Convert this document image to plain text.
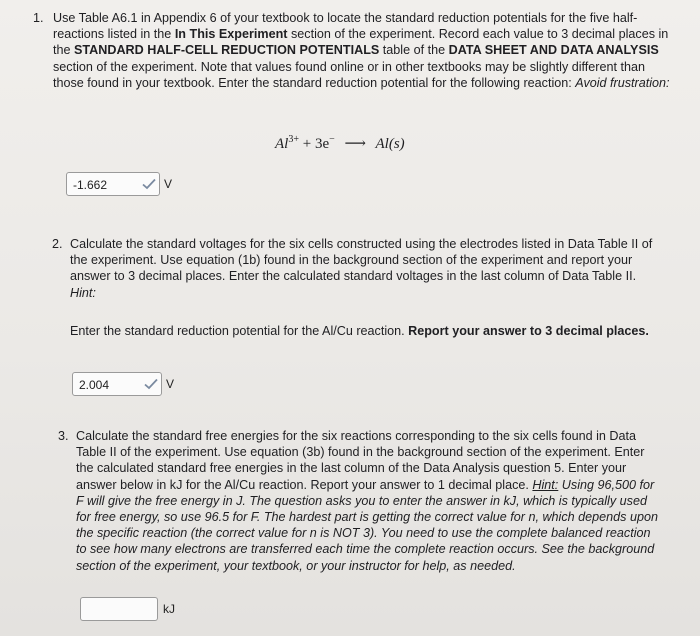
1. Use Table A6.1 in Appendix 6 of your textbook to locate the standard reduction potentials for the five half-reactions listed in the In This Experiment section of the experiment. Record each value to 3 decimal places in the STANDARD HALF-CELL REDUCTION POTENTIALS table of the DATA SHEET AND DATA ANALYSIS section of the experiment. Note that values found online or in other textbooks may be slightly different than those found in your textbook. Enter the standard reduction potential for the following reaction: Avoid frustration:
$Al^{3+} + 3e^-$ ⟶ Al(s)
-1.662	V
2. Calculate the standard voltages for the six cells constructed using the electrodes listed in Data Table II of the experiment. Use equation (1b) found in the background section of the experiment and report your answer to 3 decimal places. Enter the calculated standard voltages in the last column of Data Table II. Hint:
Enter the standard reduction potential for the Al/Cu reaction. Report your answer to 3 decimal places.
2.004	V
3. Calculate the standard free energies for the six reactions corresponding to the six cells found in Data Table II of the experiment. Use equation (3b) found in the background section of the experiment. Enter the calculated standard free energies in the last column of the Data Analysis question 5. Enter your answer below in kJ for the Al/Cu reaction. Report your answer to 1 decimal place. Hint: Using 96,500 for F will give the free energy in J. The question asks you to enter the answer in kJ, which is typically used for free energy, so use 96.5 for F. The hardest part is getting the correct value for n, which depends upon the specific reaction (the correct value for n is NOT 3). You need to use the complete balanced reaction to see how many electrons are transferred each time the complete reaction occurs. See the background section of the experiment, your textbook, or your instructor for help, as needed.
kJ
